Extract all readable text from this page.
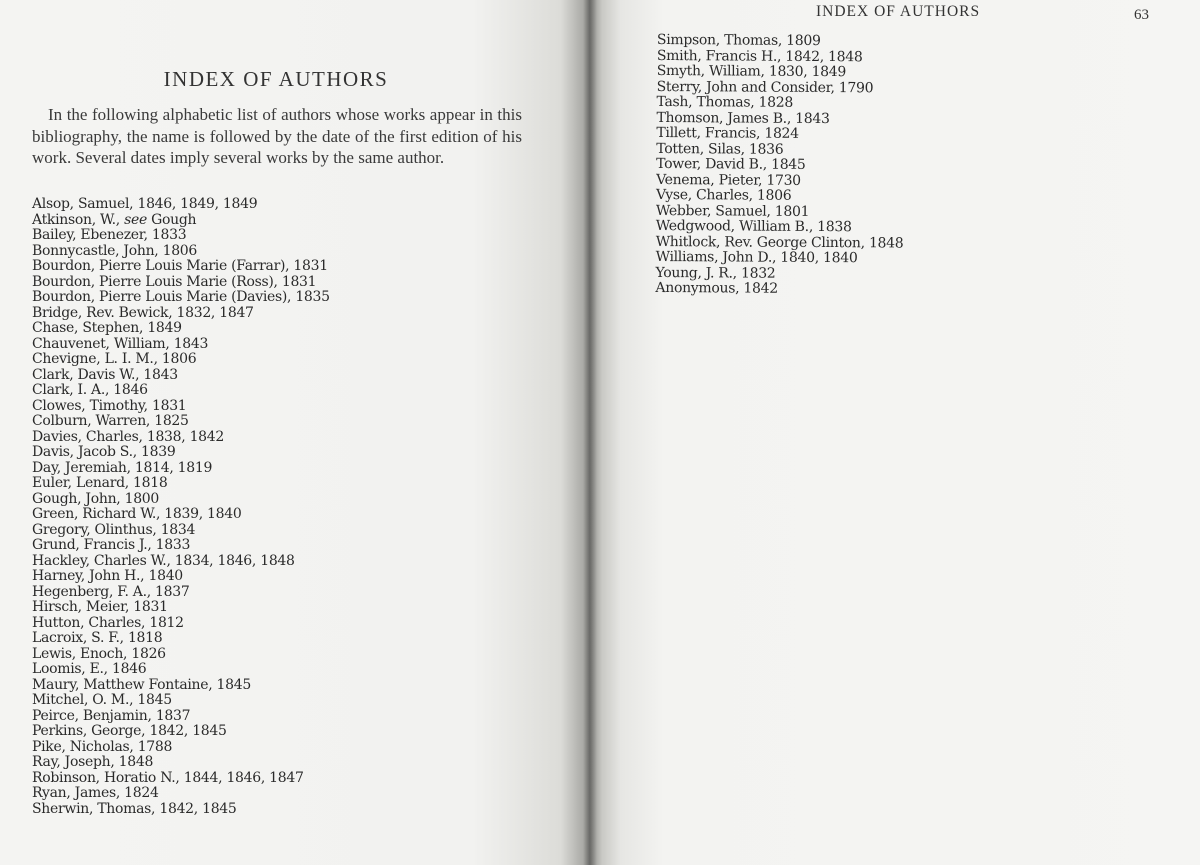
INDEX OF AUTHORS

In the following alphabetic list of authors whose works appear in this bibliography, the name is followed by the date of the first edition of his work. Several dates imply several works by the same author.

Alsop, Samuel, 1846, 1849, 1849
Atkinson, W., see Gough
Bailey, Ebenezer, 1833
Bonnycastle, John, 1806
Bourdon, Pierre Louis Marie (Farrar), 1831
Bourdon, Pierre Louis Marie (Ross), 1831
Bourdon, Pierre Louis Marie (Davies), 1835
Bridge, Rev. Bewick, 1832, 1847
Chase, Stephen, 1849
Chauvenet, William, 1843
Chevigne, L. I. M., 1806
Clark, Davis W., 1843
Clark, I. A., 1846
Clowes, Timothy, 1831
Colburn, Warren, 1825
Davies, Charles, 1838, 1842
Davis, Jacob S., 1839
Day, Jeremiah, 1814, 1819
Euler, Lenard, 1818
Gough, John, 1800
Green, Richard W., 1839, 1840
Gregory, Olinthus, 1834
Grund, Francis J., 1833
Hackley, Charles W., 1834, 1846, 1848
Harney, John H., 1840
Hegenberg, F. A., 1837
Hirsch, Meier, 1831
Hutton, Charles, 1812
Lacroix, S. F., 1818
Lewis, Enoch, 1826
Loomis, E., 1846
Maury, Matthew Fontaine, 1845
Mitchel, O. M., 1845
Peirce, Benjamin, 1837
Perkins, George, 1842, 1845
Pike, Nicholas, 1788
Ray, Joseph, 1848
Robinson, Horatio N., 1844, 1846, 1847
Ryan, James, 1824
Sherwin, Thomas, 1842, 1845
INDEX OF AUTHORS	63
Simpson, Thomas, 1809
Smith, Francis H., 1842, 1848
Smyth, William, 1830, 1849
Sterry, John and Consider, 1790
Tash, Thomas, 1828
Thomson, James B., 1843
Tillett, Francis, 1824
Totten, Silas, 1836
Tower, David B., 1845
Venema, Pieter, 1730
Vyse, Charles, 1806
Webber, Samuel, 1801
Wedgwood, William B., 1838
Whitlock, Rev. George Clinton, 1848
Williams, John D., 1840, 1840
Young, J. R., 1832
Anonymous, 1842
